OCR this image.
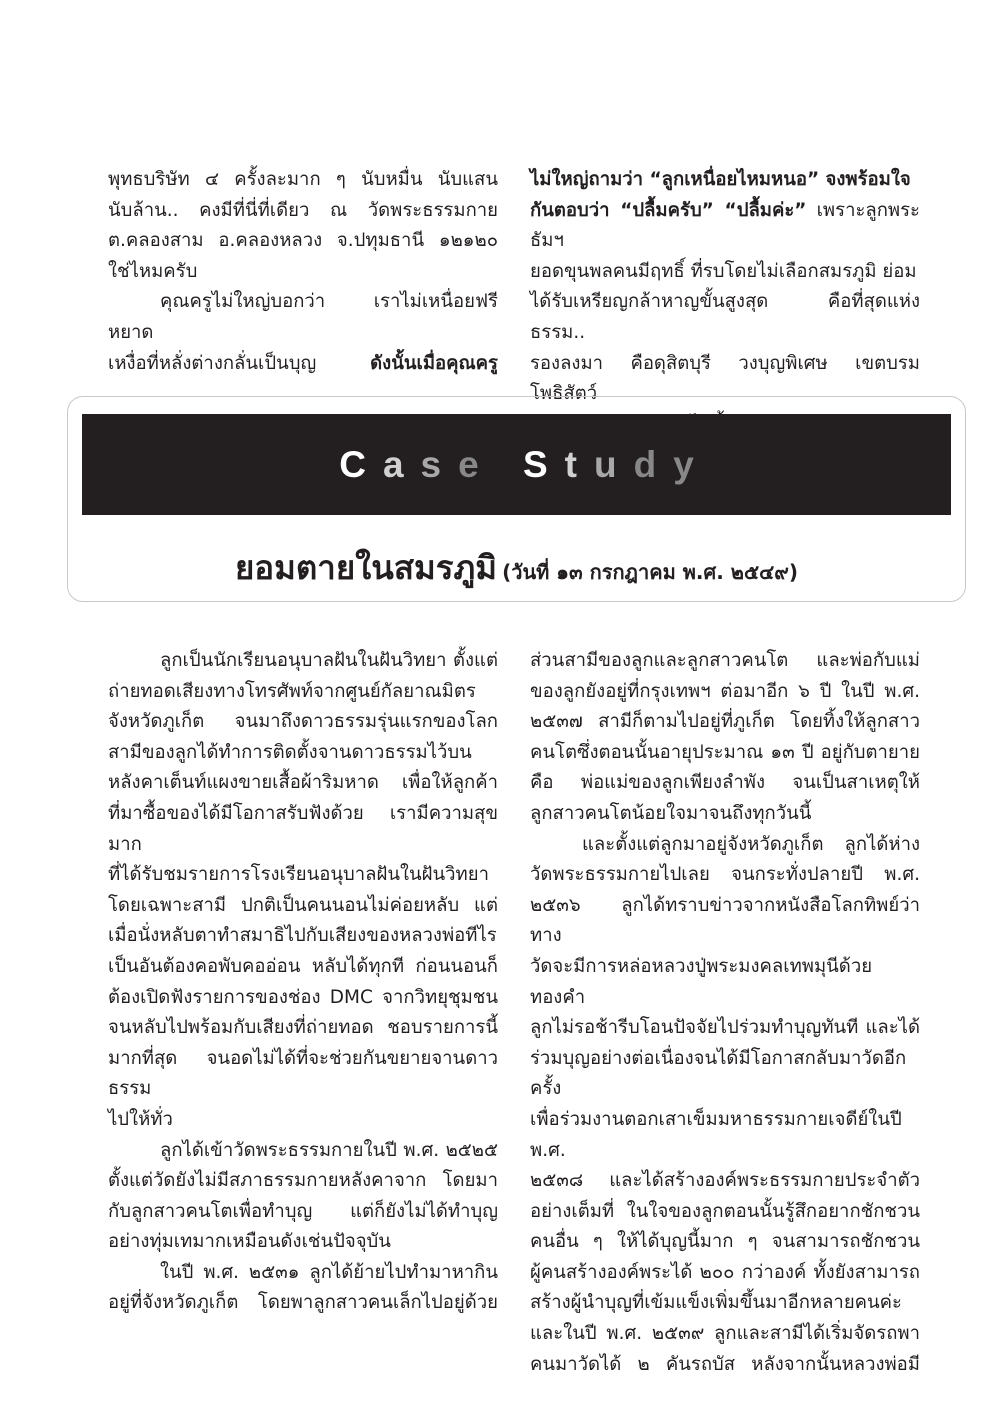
พุทธบริษัท ๔ ครั้งละมาก ๆ นับหมื่น นับแสน
นับล้าน.. คงมีที่นี่ที่เดียว ณ วัดพระธรรมกาย
ต.คลองสาม อ.คลองหลวง จ.ปทุมธานี ๑๒๑๒๐
ใช่ไหมครับ

คุณครูไม่ใหญ่บอกว่า เราไม่เหนื่อยฟรี หยาด
เหงื่อที่หลั่งต่างกลั่นเป็นบุญ	ดังนั้นเมื่อคุณครู

ไม่ใหญ่ถามว่า “ลูกเหนื่อยไหมหนอ” จงพร้อมใจ
กันตอบว่า “ปลื้มครับ” “ปลื้มค่ะ” เพราะลูกพระธัมฯ
ยอดขุนพลคนมีฤทธิ์ ที่รบโดยไม่เลือกสมรภูมิ ย่อม
ได้รับเหรียญกล้าหาญขั้นสูงสุด คือที่สุดแห่งธรรม..
รองลงมา คือดุสิตบุรี วงบุญพิเศษ เขตบรมโพธิสัตว์

Case Study
ยอมตายในสมรภูมิ (วันที่ ๑๓ กรกฎาคม พ.ศ. ๒๕๔๙)

ลูกเป็นนักเรียนอนุบาลฝันในฝันวิทยา ตั้งแต่
ถ่ายทอดเสียงทางโทรศัพท์จากศูนย์กัลยาณมิตร
จังหวัดภูเก็ต จนมาถึงดาวธรรมรุ่นแรกของโลก
สามีของลูกได้ทำการติดตั้งจานดาวธรรมไว้บน
หลังคาเต็นท์แผงขายเสื้อผ้าริมหาด เพื่อให้ลูกค้า
ที่มาซื้อของได้มีโอกาสรับฟังด้วย เรามีความสุขมาก
ที่ได้รับชมรายการโรงเรียนอนุบาลฝันในฝันวิทยา
โดยเฉพาะสามี ปกติเป็นคนนอนไม่ค่อยหลับ แต่
เมื่อนั่งหลับตาทำสมาธิไปกับเสียงของหลวงพ่อทีไร
เป็นอันต้องคอพับคออ่อน หลับได้ทุกที ก่อนนอนก็
ต้องเปิดฟังรายการของช่อง DMC จากวิทยุชุมชน
จนหลับไปพร้อมกับเสียงที่ถ่ายทอด ชอบรายการนี้
มากที่สุด จนอดไม่ได้ที่จะช่วยกันขยายจานดาวธรรม
ไปให้ทั่ว

ลูกได้เข้าวัดพระธรรมกายในปี พ.ศ. ๒๕๒๕
ตั้งแต่วัดยังไม่มีสภาธรรมกายหลังคาจาก โดยมา
กับลูกสาวคนโตเพื่อทำบุญ แต่ก็ยังไม่ได้ทำบุญ
อย่างทุ่มเทมากเหมือนดังเช่นปัจจุบัน

ในปี พ.ศ. ๒๕๓๑ ลูกได้ย้ายไปทำมาหากิน
อยู่ที่จังหวัดภูเก็ต โดยพาลูกสาวคนเล็กไปอยู่ด้วย

ส่วนสามีของลูกและลูกสาวคนโต และพ่อกับแม่
ของลูกยังอยู่ที่กรุงเทพฯ ต่อมาอีก ๖ ปี ในปี พ.ศ.
๒๕๓๗ สามีก็ตามไปอยู่ที่ภูเก็ต โดยทิ้งให้ลูกสาว
คนโตซึ่งตอนนั้นอายุประมาณ ๑๓ ปี อยู่กับตายาย
คือ พ่อแม่ของลูกเพียงลำพัง จนเป็นสาเหตุให้
ลูกสาวคนโตน้อยใจมาจนถึงทุกวันนี้

และตั้งแต่ลูกมาอยู่จังหวัดภูเก็ต ลูกได้ห่าง
วัดพระธรรมกายไปเลย จนกระทั่งปลายปี พ.ศ.
๒๕๓๖ ลูกได้ทราบข่าวจากหนังสือโลกทิพย์ว่า ทาง
วัดจะมีการหล่อหลวงปู่พระมงคลเทพมุนีด้วยทองคำ
ลูกไม่รอช้ารีบโอนปัจจัยไปร่วมทำบุญทันที และได้
ร่วมบุญอย่างต่อเนื่องจนได้มีโอกาสกลับมาวัดอีกครั้ง
เพื่อร่วมงานตอกเสาเข็มมหาธรรมกายเจดีย์ในปี พ.ศ.
๒๕๓๘ และได้สร้างองค์พระธรรมกายประจำตัว
อย่างเต็มที่ ในใจของลูกตอนนั้นรู้สึกอยากชักชวน
คนอื่น ๆ ให้ได้บุญนี้มาก ๆ จนสามารถชักชวน
ผู้คนสร้างองค์พระได้ ๒๐๐ กว่าองค์ ทั้งยังสามารถ
สร้างผู้นำบุญที่เข้มแข็งเพิ่มขึ้นมาอีกหลายคนค่ะ
และในปี พ.ศ. ๒๕๓๙ ลูกและสามีได้เริ่มจัดรถพา
คนมาวัดได้ ๒ คันรถบัส หลังจากนั้นหลวงพ่อมี
